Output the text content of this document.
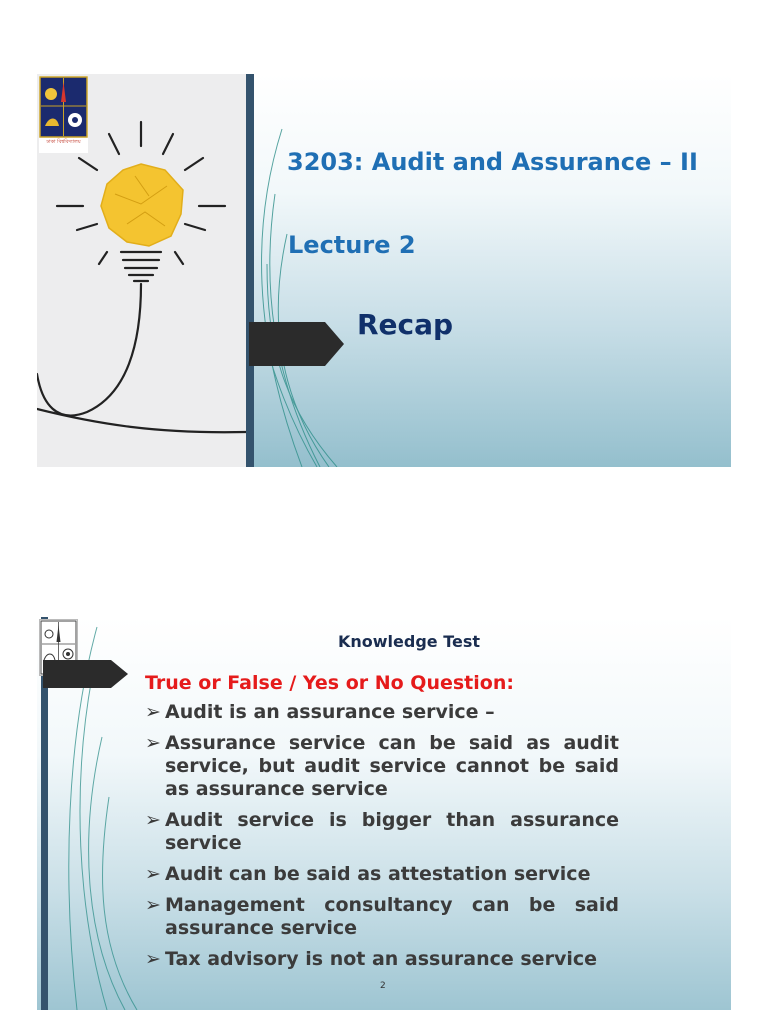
ঢাকা বিশ্ববিদ্যালয়
3203: Audit and Assurance – II
Lecture 2
Recap
Knowledge Test
True or False / Yes or No Question:
➢ Audit is an assurance service –
➢ Assurance service can be said as audit service, but audit service cannot be said as assurance service
➢ Audit service is bigger than assurance service
➢ Audit can be said as attestation service
➢ Management consultancy can be said assurance service
➢ Tax advisory is not an assurance service
2
